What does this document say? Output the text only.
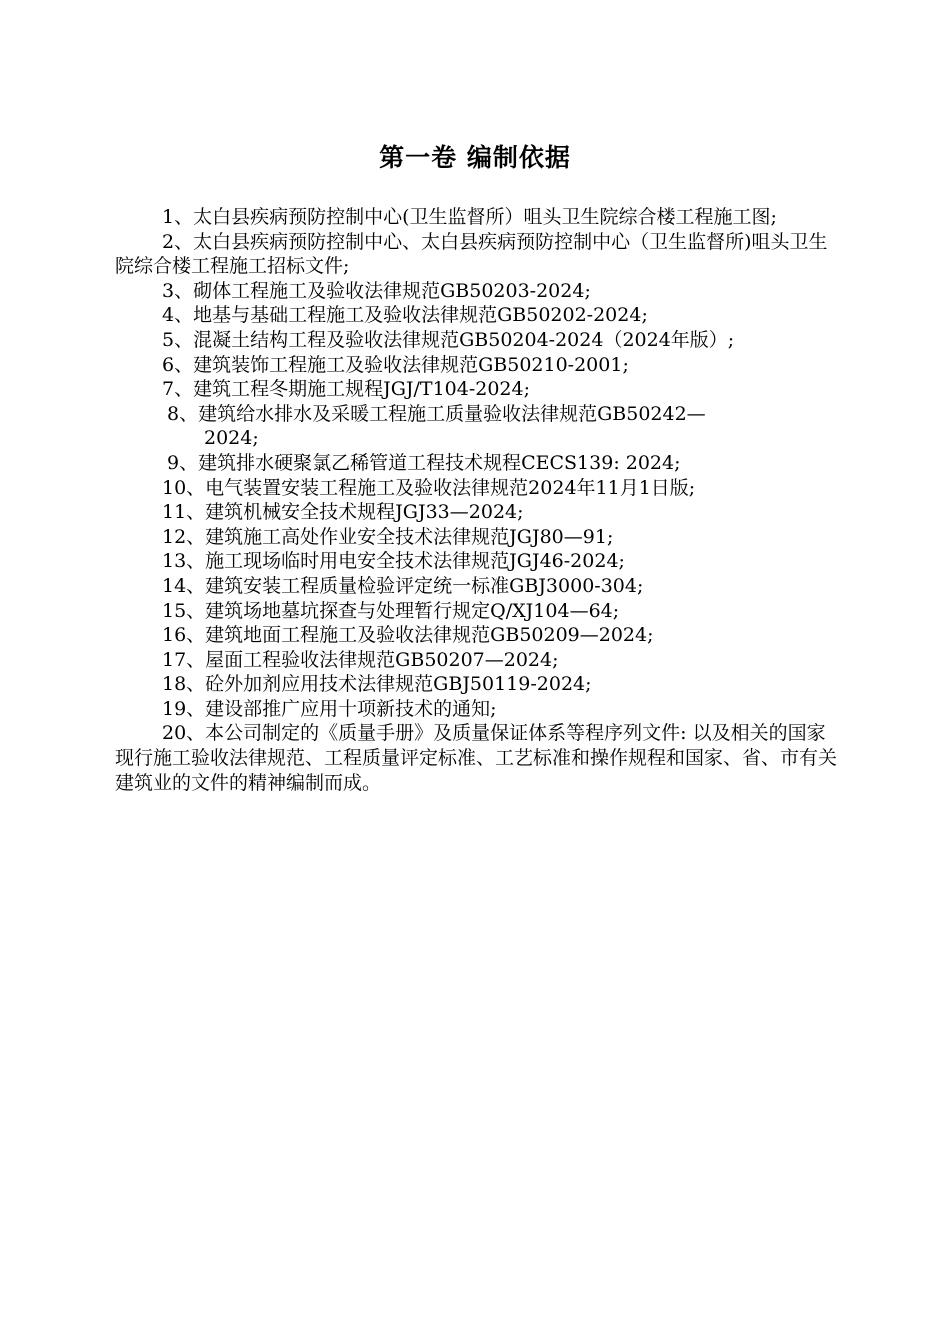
第一卷 编制依据

1、太白县疾病预防控制中心(卫生监督所）咀头卫生院综合楼工程施工图;

2、太白县疾病预防控制中心、太白县疾病预防控制中心（卫生监督所)咀头卫生院综合楼工程施工招标文件;

3、砌体工程施工及验收法律规范GB50203-2024;

4、地基与基础工程施工及验收法律规范GB50202-2024;

5、混凝土结构工程及验收法律规范GB50204-2024（2024年版）;

6、建筑装饰工程施工及验收法律规范GB50210-2001;

7、建筑工程冬期施工规程JGJ/T104-2024;

8、建筑给水排水及采暖工程施工质量验收法律规范GB50242—
2024;

9、建筑排水硬聚氯乙稀管道工程技术规程CECS139: 2024;

10、电气装置安装工程施工及验收法律规范2024年11月1日版;

11、建筑机械安全技术规程JGJ33—2024;

12、建筑施工高处作业安全技术法律规范JGJ80—91;

13、施工现场临时用电安全技术法律规范JGJ46-2024;

14、建筑安装工程质量检验评定统一标准GBJ3000-304;

15、建筑场地墓坑探查与处理暂行规定Q/XJ104—64;

16、建筑地面工程施工及验收法律规范GB50209—2024;

17、屋面工程验收法律规范GB50207—2024;

18、砼外加剂应用技术法律规范GBJ50119-2024;

19、建设部推广应用十项新技术的通知;

20、本公司制定的《质量手册》及质量保证体系等程序列文件: 以及相关的国家现行施工验收法律规范、工程质量评定标准、工艺标准和操作规程和国家、省、市有关建筑业的文件的精神编制而成。
